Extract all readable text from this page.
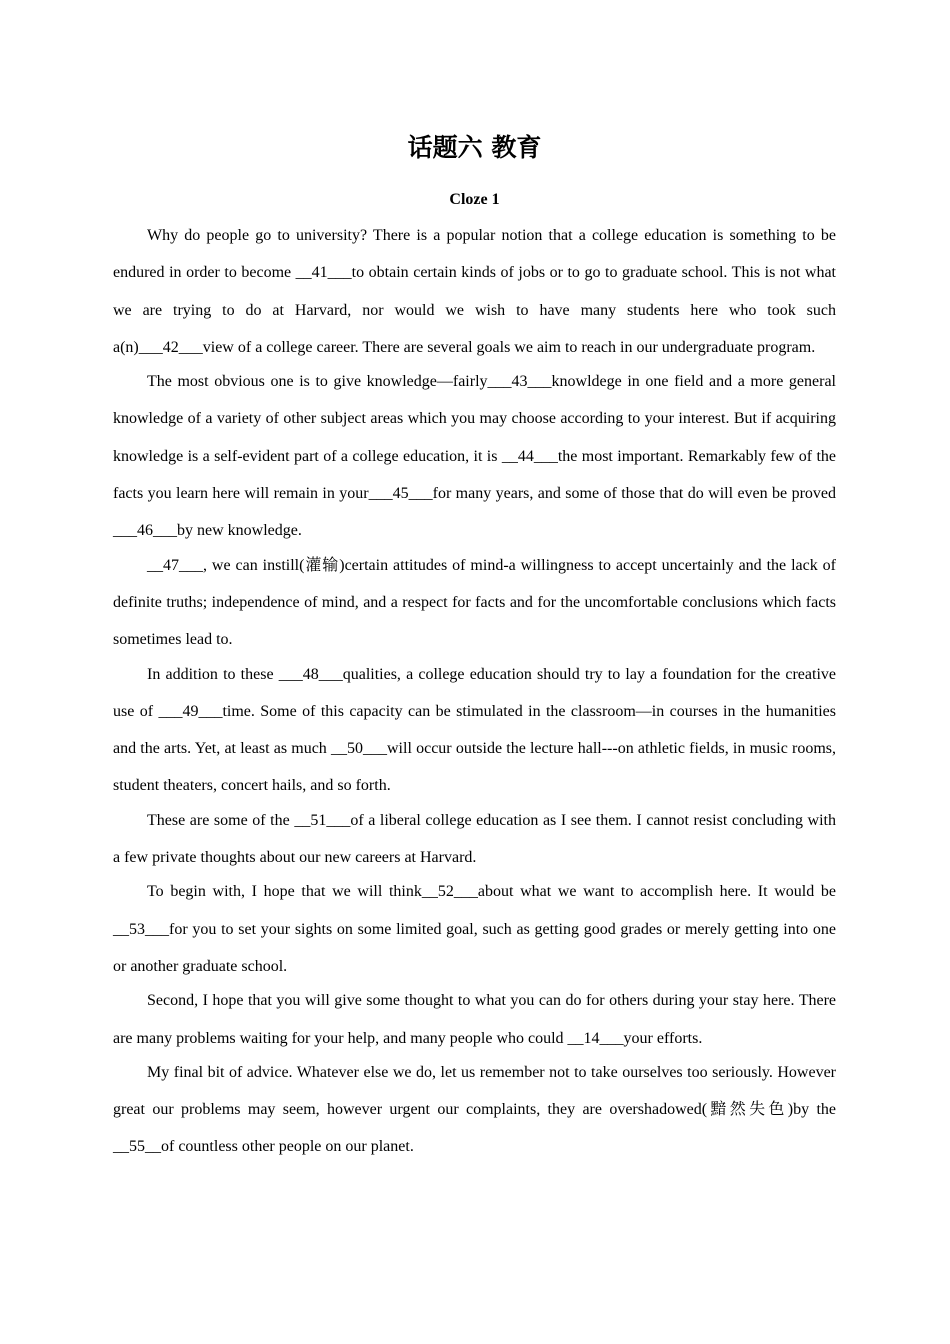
话题六 教育
Cloze 1

Why do people go to university? There is a popular notion that a college education is something to be endured in order to become __41___to obtain certain kinds of jobs or to go to graduate school. This is not what we are trying to do at Harvard, nor would we wish to have many students here who took such a(n)___42___view of a college career. There are several goals we aim to reach in our undergraduate program.

The most obvious one is to give knowledge—fairly___43___knowldege in one field and a more general knowledge of a variety of other subject areas which you may choose according to your interest. But if acquiring knowledge is a self-evident part of a college education, it is __44___the most important. Remarkably few of the facts you learn here will remain in your___45___for many years, and some of those that do will even be proved ___46___by new knowledge.

__47___, we can instill(灌输)certain attitudes of mind-a willingness to accept uncertainly and the lack of definite truths; independence of mind, and a respect for facts and for the uncomfortable conclusions which facts sometimes lead to.

In addition to these ___48___qualities, a college education should try to lay a foundation for the creative use of ___49___time. Some of this capacity can be stimulated in the classroom—in courses in the humanities and the arts. Yet, at least as much __50___will occur outside the lecture hall---on athletic fields, in music rooms, student theaters, concert hails, and so forth.

These are some of the __51___of a liberal college education as I see them. I cannot resist concluding with a few private thoughts about our new careers at Harvard.

To begin with, I hope that we will think__52___about what we want to accomplish here. It would be __53___for you to set your sights on some limited goal, such as getting good grades or merely getting into one or another graduate school.

Second, I hope that you will give some thought to what you can do for others during your stay here. There are many problems waiting for your help, and many people who could __14___your efforts.

My final bit of advice. Whatever else we do, let us remember not to take ourselves too seriously. However great our problems may seem, however urgent our complaints, they are overshadowed(黯然失色)by the __55__of countless other people on our planet.
